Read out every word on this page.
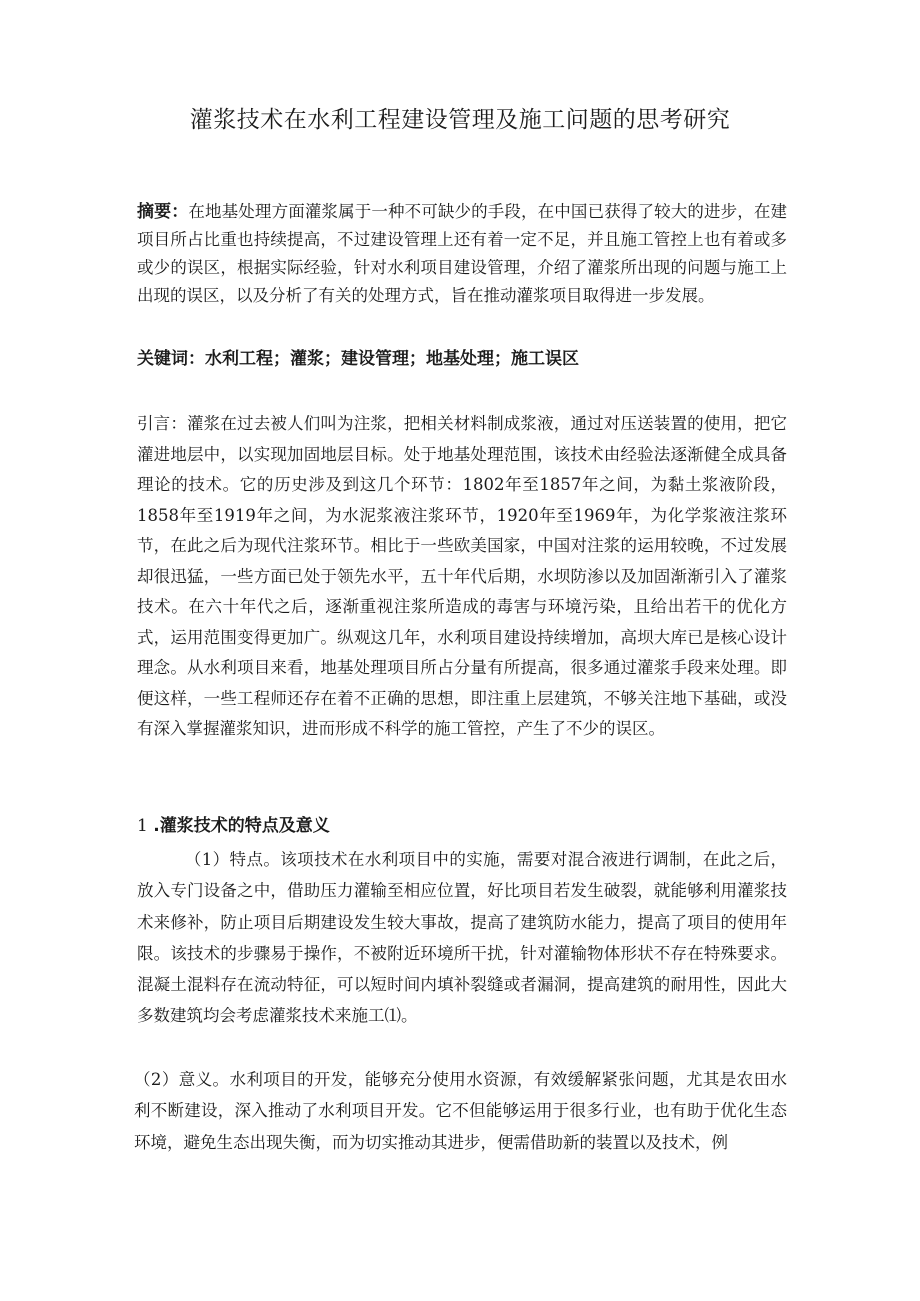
灌浆技术在水利工程建设管理及施工问题的思考研究
摘要：在地基处理方面灌浆属于一种不可缺少的手段，在中国已获得了较大的进步，在建项目所占比重也持续提高，不过建设管理上还有着一定不足，并且施工管控上也有着或多或少的误区，根据实际经验，针对水利项目建设管理，介绍了灌浆所出现的问题与施工上出现的误区，以及分析了有关的处理方式，旨在推动灌浆项目取得进一步发展。
关键词：水利工程；灌浆；建设管理；地基处理；施工误区
引言：灌浆在过去被人们叫为注浆，把相关材料制成浆液，通过对压送装置的使用，把它灌进地层中，以实现加固地层目标。处于地基处理范围，该技术由经验法逐渐健全成具备理论的技术。它的历史涉及到这几个环节：1802年至1857年之间，为黏土浆液阶段，1858年至1919年之间，为水泥浆液注浆环节，1920年至1969年，为化学浆液注浆环节，在此之后为现代注浆环节。相比于一些欧美国家，中国对注浆的运用较晚，不过发展却很迅猛，一些方面已处于领先水平，五十年代后期，水坝防渗以及加固渐渐引入了灌浆技术。在六十年代之后，逐渐重视注浆所造成的毒害与环境污染，且给出若干的优化方式，运用范围变得更加广。纵观这几年，水利项目建设持续增加，高坝大库已是核心设计理念。从水利项目来看，地基处理项目所占分量有所提高，很多通过灌浆手段来处理。即便这样，一些工程师还存在着不正确的思想，即注重上层建筑，不够关注地下基础，或没有深入掌握灌浆知识，进而形成不科学的施工管控，产生了不少的误区。
1 .灌浆技术的特点及意义
（1）特点。该项技术在水利项目中的实施，需要对混合液进行调制，在此之后，放入专门设备之中，借助压力灌输至相应位置，好比项目若发生破裂，就能够利用灌浆技术来修补，防止项目后期建设发生较大事故，提高了建筑防水能力，提高了项目的使用年限。该技术的步骤易于操作，不被附近环境所干扰，针对灌输物体形状不存在特殊要求。混凝土混料存在流动特征，可以短时间内填补裂缝或者漏洞，提高建筑的耐用性，因此大多数建筑均会考虑灌浆技术来施工⑴。
（2）意义。水利项目的开发，能够充分使用水资源，有效缓解紧张问题，尤其是农田水利不断建设，深入推动了水利项目开发。它不但能够运用于很多行业，也有助于优化生态环境，避免生态出现失衡，而为切实推动其进步，便需借助新的装置以及技术，例
